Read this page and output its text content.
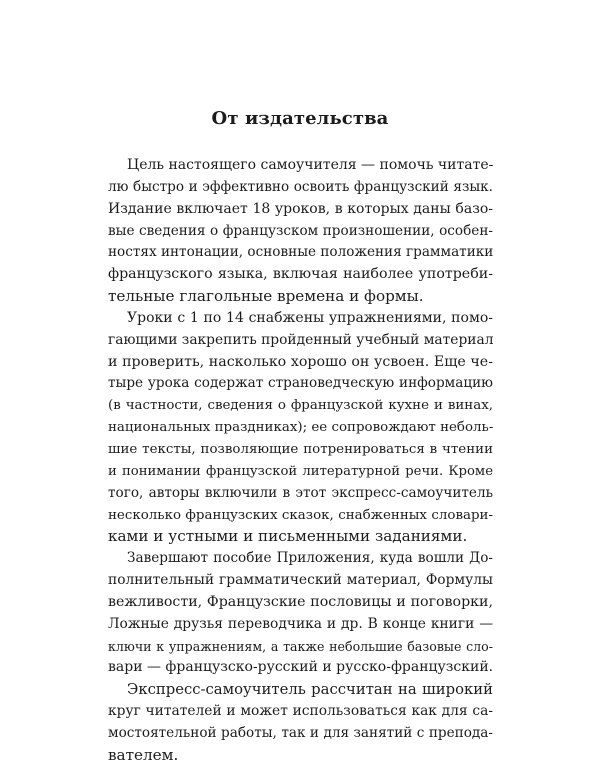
От издательства
Цель настоящего самоучителя — помочь читате-
лю быстро и эффективно освоить французский язык.
Издание включает 18 уроков, в которых даны базо-
вые сведения о французском произношении, особен-
ностях интонации, основные положения грамматики
французского языка, включая наиболее употреби-
тельные глагольные времена и формы.
Уроки с 1 по 14 снабжены упражнениями, помо-
гающими закрепить пройденный учебный материал
и проверить, насколько хорошо он усвоен. Еще че-
тыре урока содержат страноведческую информацию
(в частности, сведения о французской кухне и винах,
национальных праздниках); ее сопровождают неболь-
шие тексты, позволяющие потренироваться в чтении
и понимании французской литературной речи. Кроме
того, авторы включили в этот экспресс-самоучитель
несколько французских сказок, снабженных словари-
ками и устными и письменными заданиями.
Завершают пособие Приложения, куда вошли До-
полнительный грамматический материал, Формулы
вежливости, Французские пословицы и поговорки,
Ложные друзья переводчика и др. В конце книги —
ключи к упражнениям, а также небольшие базовые сло-
вари — французско-русский и русско-французский.
Экспресс-самоучитель рассчитан на широкий
круг читателей и может использоваться как для са-
мостоятельной работы, так и для занятий с препода-
вателем.
